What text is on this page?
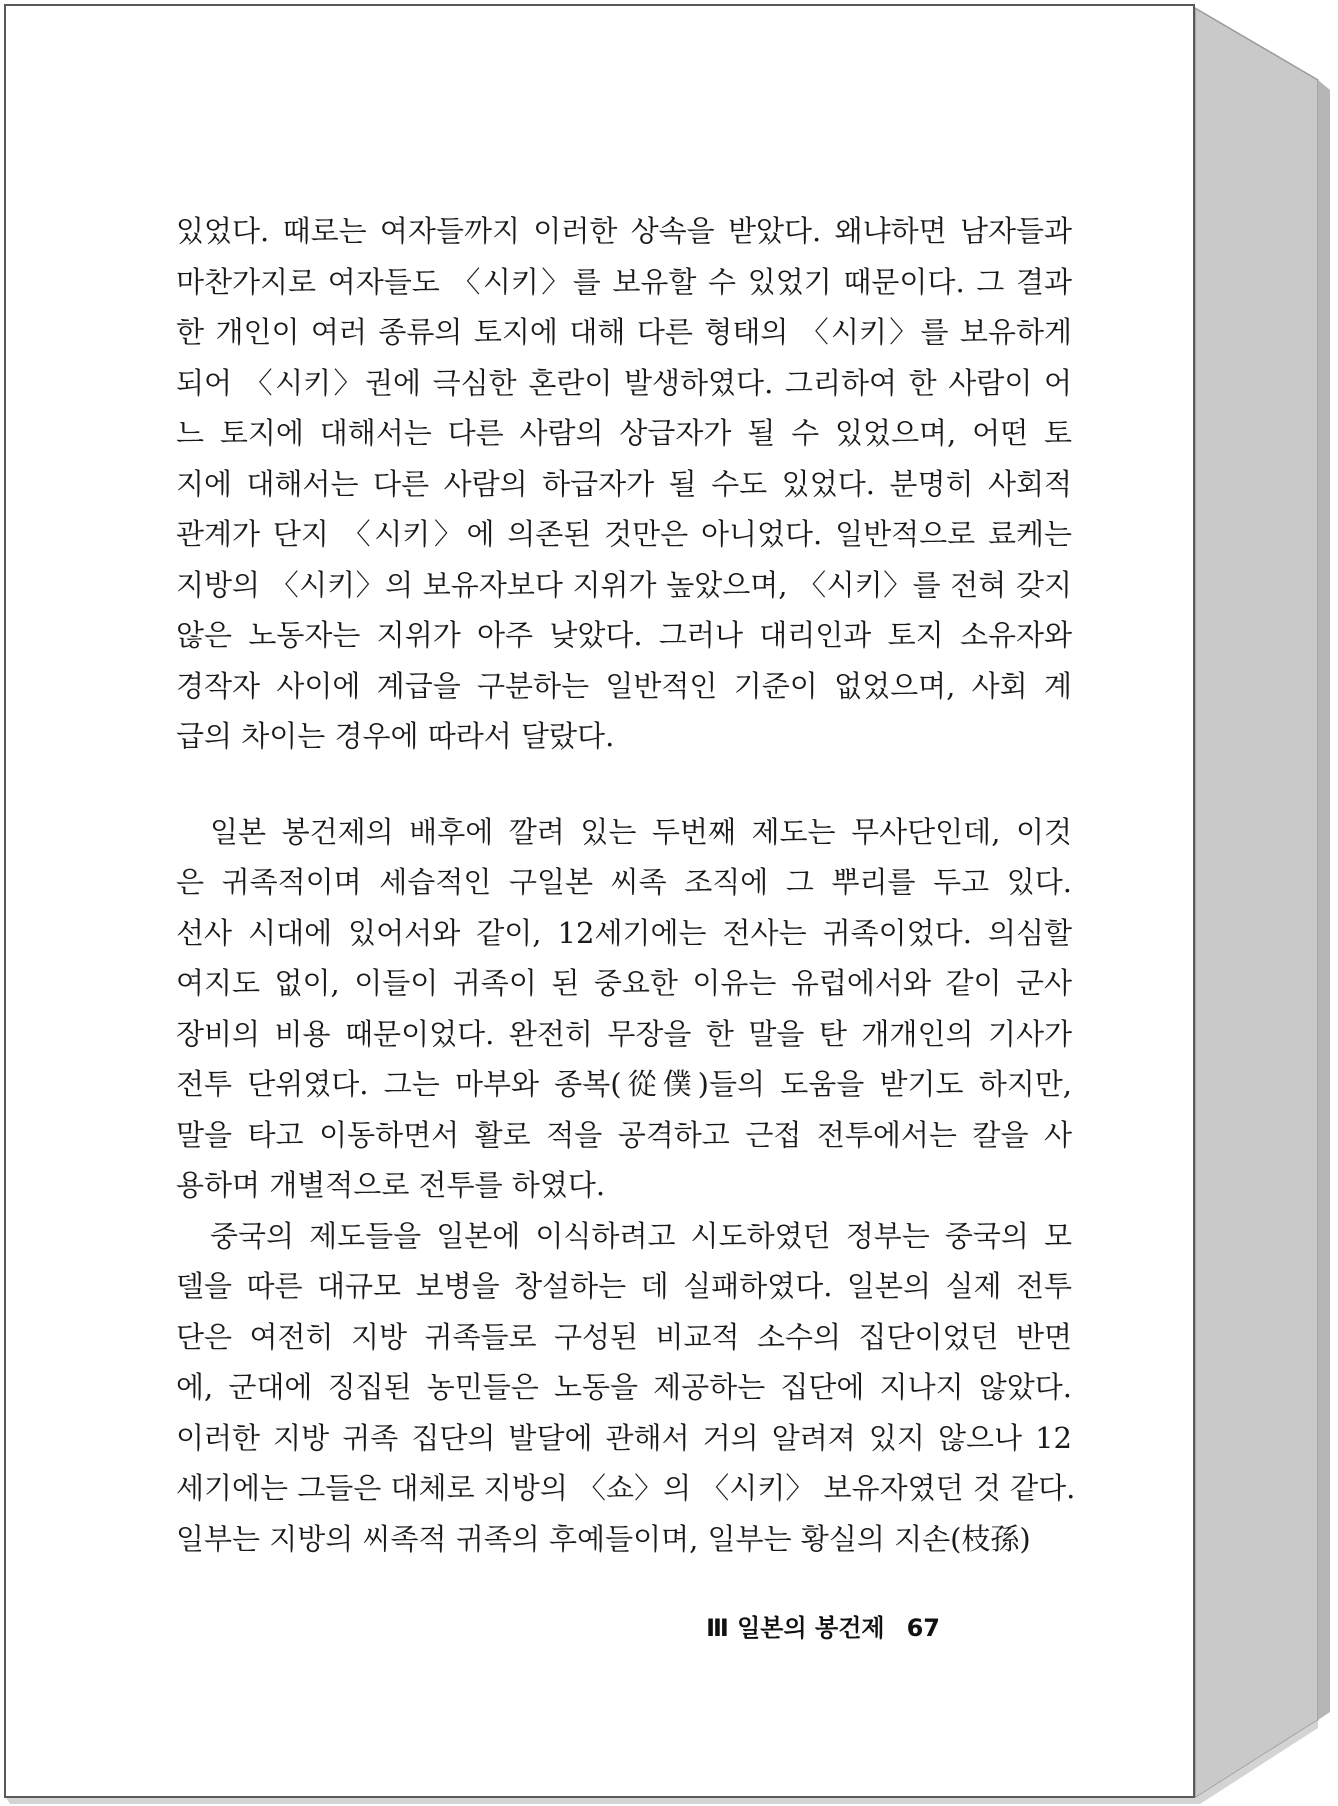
있었다. 때로는 여자들까지 이러한 상속을 받았다. 왜냐하면 남자들과
마찬가지로 여자들도 〈시키〉를 보유할 수 있었기 때문이다. 그 결과
한 개인이 여러 종류의 토지에 대해 다른 형태의 〈시키〉를 보유하게
되어 〈시키〉권에 극심한 혼란이 발생하였다. 그리하여 한 사람이 어
느 토지에 대해서는 다른 사람의 상급자가 될 수 있었으며, 어떤 토
지에 대해서는 다른 사람의 하급자가 될 수도 있었다. 분명히 사회적
관계가 단지 〈시키〉에 의존된 것만은 아니었다. 일반적으로 료케는
지방의 〈시키〉의 보유자보다 지위가 높았으며, 〈시키〉를 전혀 갖지
않은 노동자는 지위가 아주 낮았다. 그러나 대리인과 토지 소유자와
경작자 사이에 계급을 구분하는 일반적인 기준이 없었으며, 사회 계
급의 차이는 경우에 따라서 달랐다.
일본 봉건제의 배후에 깔려 있는 두번째 제도는 무사단인데, 이것
은 귀족적이며 세습적인 구일본 씨족 조직에 그 뿌리를 두고 있다.
선사 시대에 있어서와 같이, 12세기에는 전사는 귀족이었다. 의심할
여지도 없이, 이들이 귀족이 된 중요한 이유는 유럽에서와 같이 군사
장비의 비용 때문이었다. 완전히 무장을 한 말을 탄 개개인의 기사가
전투 단위였다. 그는 마부와 종복(從僕)들의 도움을 받기도 하지만,
말을 타고 이동하면서 활로 적을 공격하고 근접 전투에서는 칼을 사
용하며 개별적으로 전투를 하였다.
중국의 제도들을 일본에 이식하려고 시도하였던 정부는 중국의 모
델을 따른 대규모 보병을 창설하는 데 실패하였다. 일본의 실제 전투
단은 여전히 지방 귀족들로 구성된 비교적 소수의 집단이었던 반면
에, 군대에 징집된 농민들은 노동을 제공하는 집단에 지나지 않았다.
이러한 지방 귀족 집단의 발달에 관해서 거의 알려져 있지 않으나 12
세기에는 그들은 대체로 지방의 〈쇼〉의 〈시키〉 보유자였던 것 같다.
일부는 지방의 씨족적 귀족의 후예들이며, 일부는 황실의 지손(枝孫)
Ⅲ 일본의 봉건제 67
